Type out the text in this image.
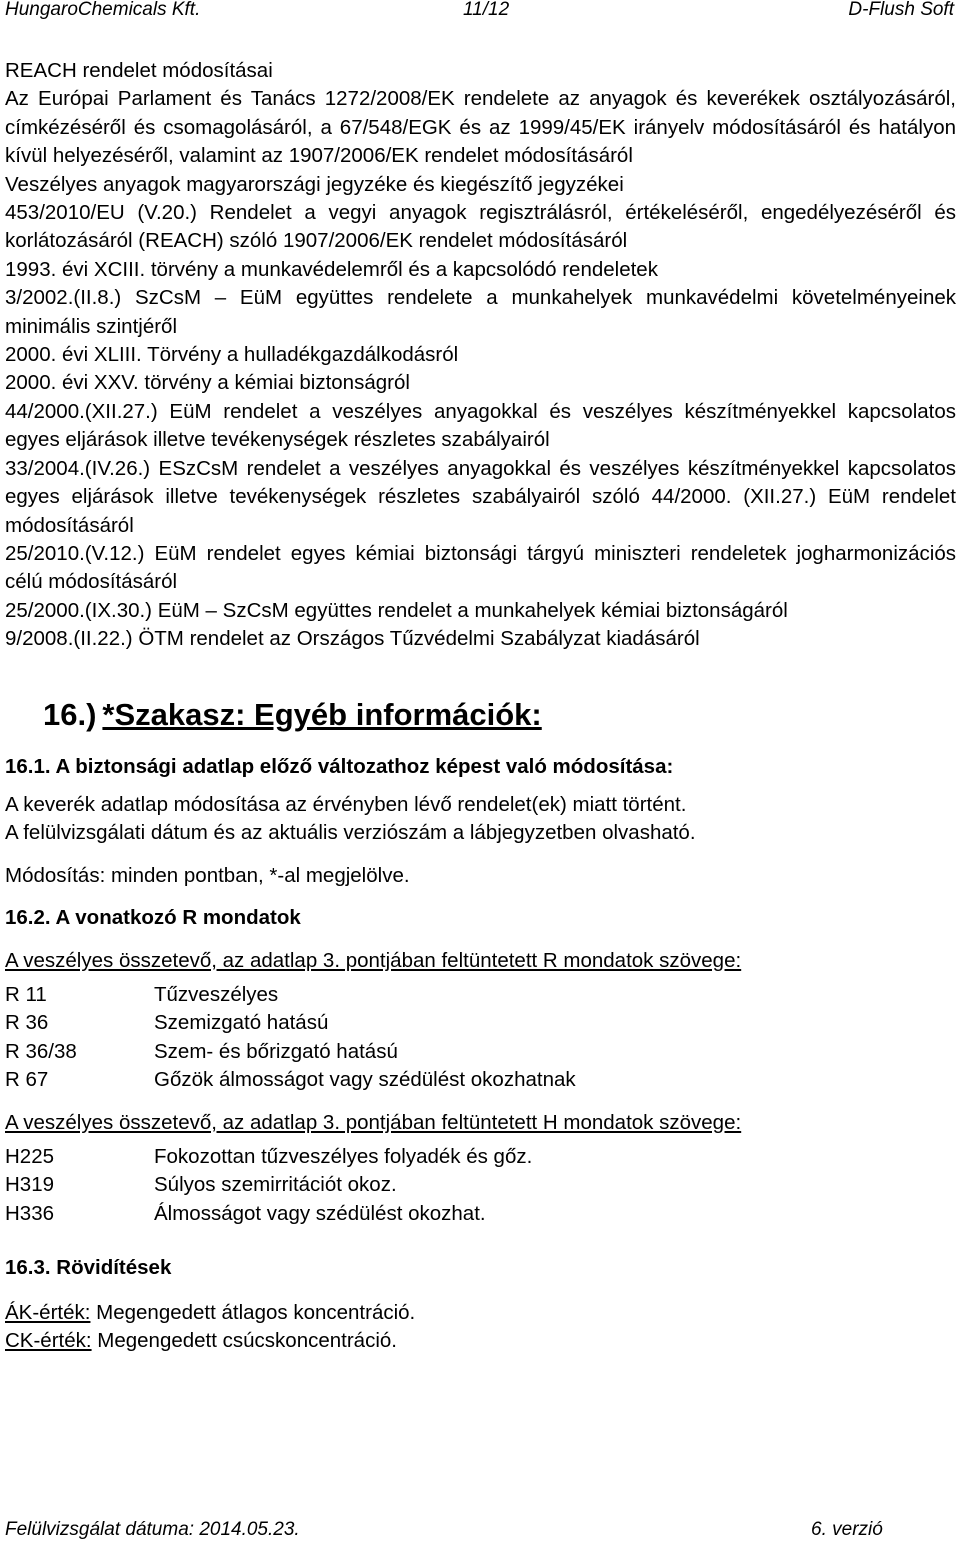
HungaroChemicals Kft.	11/12	D-Flush Soft

REACH rendelet módosításai

Az Európai Parlament és Tanács 1272/2008/EK rendelete az anyagok és keverékek osztályozásáról, címkézéséről és csomagolásáról, a 67/548/EGK és az 1999/45/EK irányelv módosításáról és hatályon kívül helyezéséről, valamint az 1907/2006/EK rendelet módosításáról

Veszélyes anyagok magyarországi jegyzéke és kiegészítő jegyzékei

453/2010/EU (V.20.) Rendelet a vegyi anyagok regisztrálásról, értékeléséről, engedélyezéséről és korlátozásáról (REACH) szóló 1907/2006/EK rendelet módosításáról

1993. évi XCIII. törvény a munkavédelemről és a kapcsolódó rendeletek

3/2002.(II.8.) SzCsM – EüM együttes rendelete a munkahelyek munkavédelmi követelményeinek minimális szintjéről

2000. évi XLIII. Törvény a hulladékgazdálkodásról

2000. évi XXV. törvény a kémiai biztonságról

44/2000.(XII.27.) EüM rendelet a veszélyes anyagokkal és veszélyes készítményekkel kapcsolatos egyes eljárások illetve tevékenységek részletes szabályairól

33/2004.(IV.26.) ESzCsM rendelet a veszélyes anyagokkal és veszélyes készítményekkel kapcsolatos egyes eljárások illetve tevékenységek részletes szabályairól szóló 44/2000. (XII.27.) EüM rendelet módosításáról

25/2010.(V.12.) EüM rendelet egyes kémiai biztonsági tárgyú miniszteri rendeletek jogharmonizációs célú módosításáról

25/2000.(IX.30.) EüM – SzCsM együttes rendelet a munkahelyek kémiai biztonságáról

9/2008.(II.22.) ÖTM rendelet az Országos Tűzvédelmi Szabályzat kiadásáról

16.) *Szakasz: Egyéb információk:

16.1. A biztonsági adatlap előző változathoz képest való módosítása:

A keverék adatlap módosítása az érvényben lévő rendelet(ek) miatt történt.

A felülvizsgálati dátum és az aktuális verziószám a lábjegyzetben olvasható.

Módosítás: minden pontban, *-al megjelölve.

16.2. A vonatkozó R mondatok

A veszélyes összetevő, az adatlap 3. pontjában feltüntetett R mondatok szövege:

R 11	Tűzveszélyes
R 36	Szemizgató hatású
R 36/38	Szem- és bőrizgató hatású
R 67	Gőzök álmosságot vagy szédülést okozhatnak

A veszélyes összetevő, az adatlap 3. pontjában feltüntetett H mondatok szövege:

H225	Fokozottan tűzveszélyes folyadék és gőz.
H319	Súlyos szemirritációt okoz.
H336	Álmosságot vagy szédülést okozhat.

16.3. Rövidítések

ÁK-érték: Megengedett átlagos koncentráció.

CK-érték: Megengedett csúcskoncentráció.

Felülvizsgálat dátuma: 2014.05.23.	6. verzió
